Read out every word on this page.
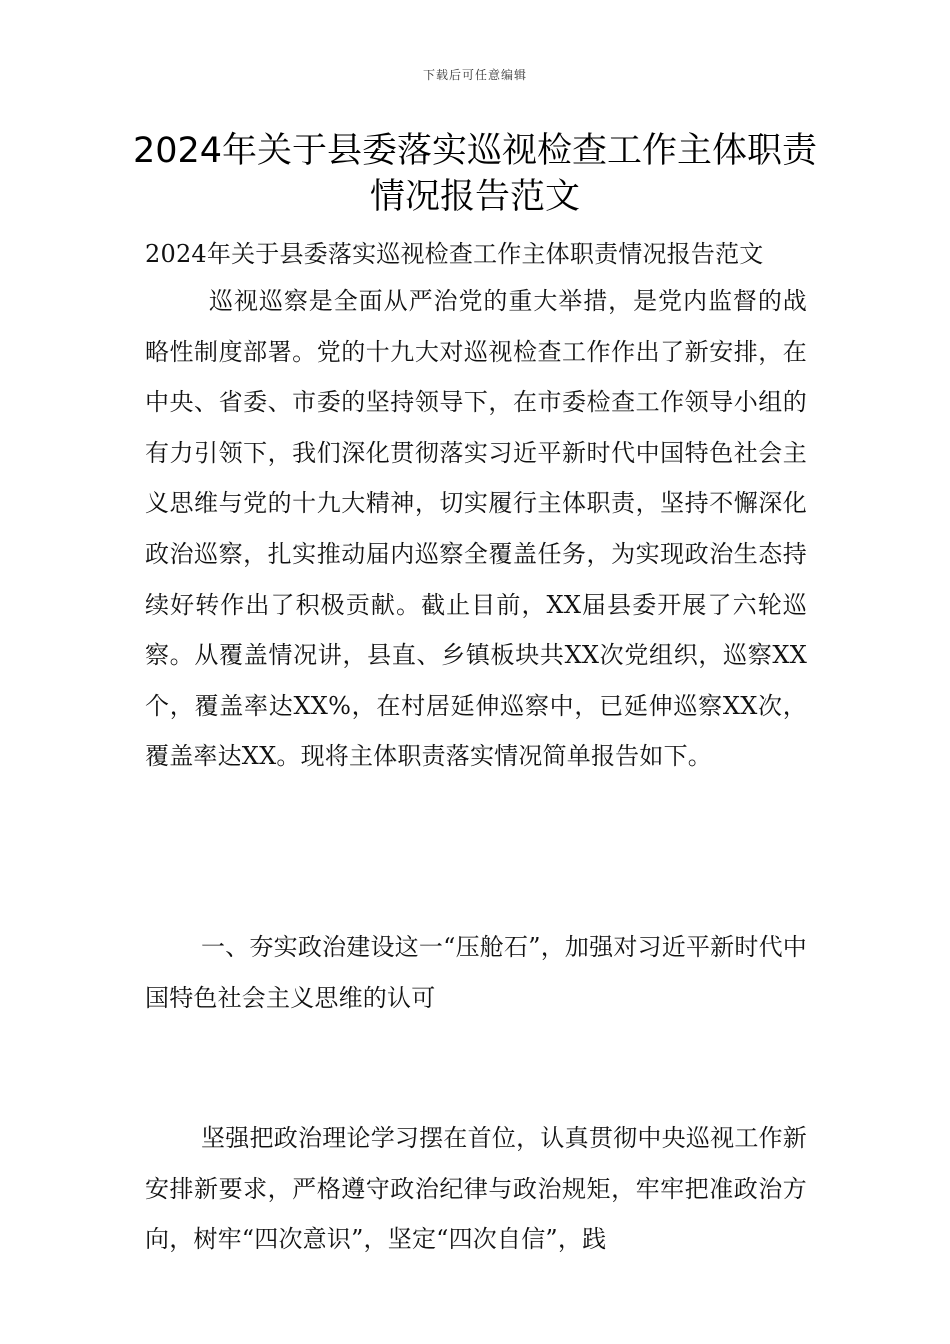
下载后可任意编辑
2024年关于县委落实巡视检查工作主体职责情况报告范文

2024年关于县委落实巡视检查工作主体职责情况报告范文

巡视巡察是全面从严治党的重大举措，是党内监督的战略性制度部署。党的十九大对巡视检查工作作出了新安排，在中央、省委、市委的坚持领导下，在市委检查工作领导小组的有力引领下，我们深化贯彻落实习近平新时代中国特色社会主义思维与党的十九大精神，切实履行主体职责，坚持不懈深化政治巡察，扎实推动届内巡察全覆盖任务，为实现政治生态持续好转作出了积极贡献。截止目前，XX届县委开展了六轮巡察。从覆盖情况讲，县直、乡镇板块共XX次党组织，巡察XX个，覆盖率达XX%，在村居延伸巡察中，已延伸巡察XX次，覆盖率达XX。现将主体职责落实情况简单报告如下。

一、夯实政治建设这一“压舱石”，加强对习近平新时代中国特色社会主义思维的认可

坚强把政治理论学习摆在首位，认真贯彻中央巡视工作新安排新要求，严格遵守政治纪律与政治规矩，牢牢把准政治方向，树牢“四次意识”，坚定“四次自信”，践
